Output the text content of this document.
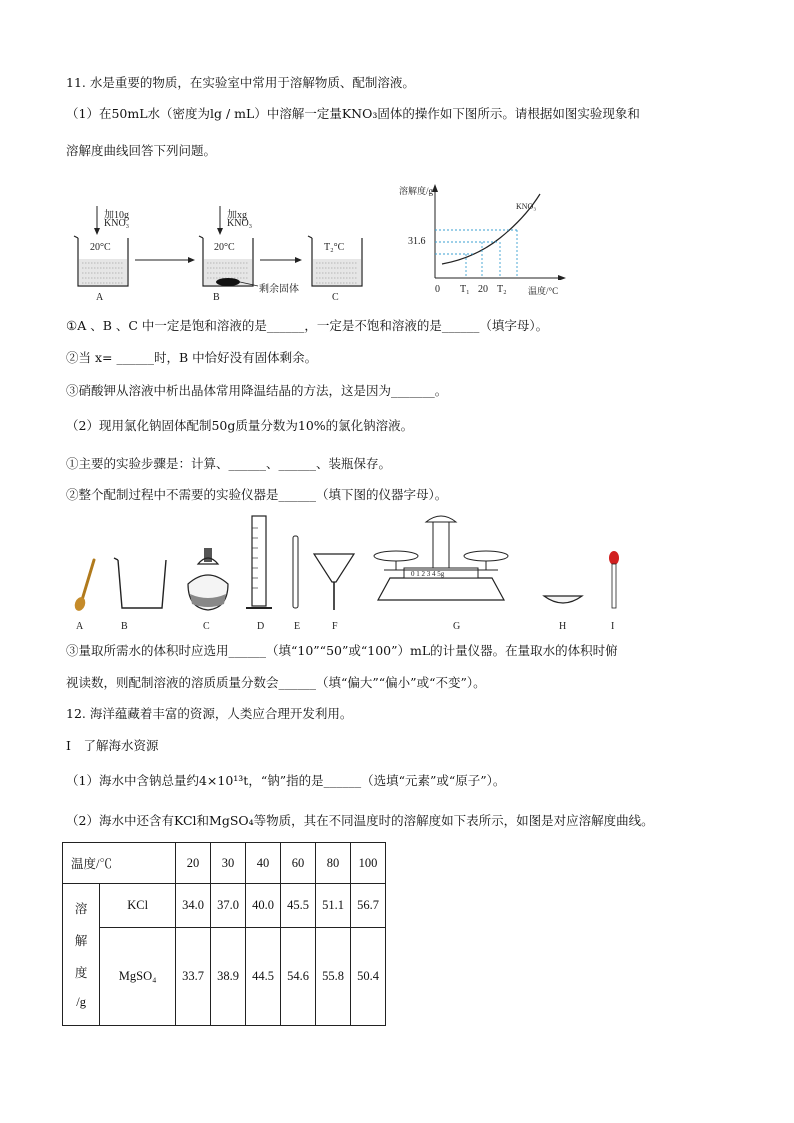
11. 水是重要的物质，在实验室中常用于溶解物质、配制溶液。
（1）在50mL水（密度为lg / mL）中溶解一定量KNO₃固体的操作如下图所示。请根据如图实验现象和
溶解度曲线回答下列问题。
加10g
KNO₃
加xg
KNO₃
20°C	20°C	T₂°C
剩余固体
A	B	C
溶解度/g
KNO₃
31.6
0 T₁ 20 T₂ 温度/°C
①A 、B 、C 中一定是饱和溶液的是______，一定是不饱和溶液的是______（填字母）。
②当 x= ______时，B 中恰好没有固体剩余。
③硝酸钾从溶液中析出晶体常用降温结晶的方法，这是因为_______。
（2）现用氯化钠固体配制50g质量分数为10%的氯化钠溶液。
①主要的实验步骤是：计算、______、______、装瓶保存。
②整个配制过程中不需要的实验仪器是______（填下图的仪器字母）。
0 1 2 3 4 5g
A	B	C	D	E	F	G	H	I
③量取所需水的体积时应选用______（填“10”“50”或“100”）mL的计量仪器。在量取水的体积时俯
视读数，则配制溶液的溶质质量分数会______（填“偏大”“偏小”或“不变”）。
12. 海洋蕴藏着丰富的资源，人类应合理开发利用。
Ⅰ　了解海水资源
（1）海水中含钠总量约4×10¹³t，“钠”指的是______（选填“元素”或“原子”）。
（2）海水中还含有KCl和MgSO₄等物质，其在不同温度时的溶解度如下表所示，如图是对应溶解度曲线。
温度/℃		20	30	40	60	80	100

溶
解
度
/g	KCl	34.0	37.0	40.0	45.5	51.1	56.7
	MgSO₄	33.7	38.9	44.5	54.6	55.8	50.4
